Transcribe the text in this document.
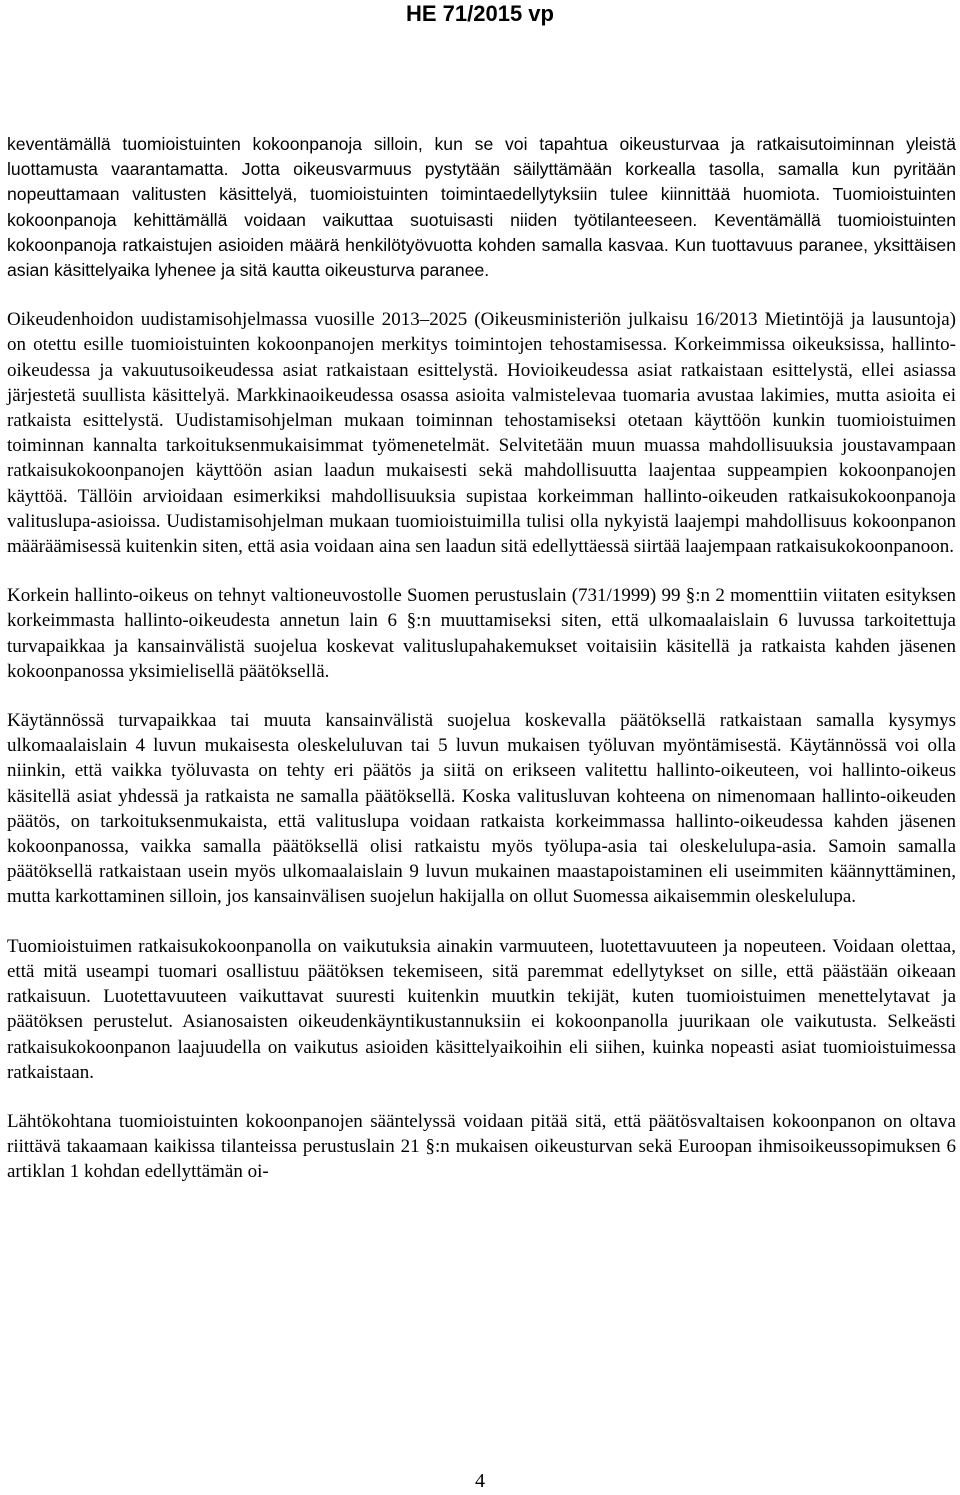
HE 71/2015 vp

keventämällä tuomioistuinten kokoonpanoja silloin, kun se voi tapahtua oikeusturvaa ja ratkaisutoiminnan yleistä luottamusta vaarantamatta. Jotta oikeusvarmuus pystytään säilyttämään korkealla tasolla, samalla kun pyritään nopeuttamaan valitusten käsittelyä, tuomioistuinten toimintaedellytyksiin tulee kiinnittää huomiota. Tuomioistuinten kokoonpanoja kehittämällä voidaan vaikuttaa suotuisasti niiden työtilanteeseen. Keventämällä tuomioistuinten kokoonpanoja ratkaistujen asioiden määrä henkilötyövuotta kohden samalla kasvaa. Kun tuottavuus paranee, yksittäisen asian käsittelyaika lyhenee ja sitä kautta oikeusturva paranee.

Oikeudenhoidon uudistamisohjelmassa vuosille 2013–2025 (Oikeusministeriön julkaisu 16/2013 Mietintöjä ja lausuntoja) on otettu esille tuomioistuinten kokoonpanojen merkitys toimintojen tehostamisessa. Korkeimmissa oikeuksissa, hallinto-oikeudessa ja vakuutusoikeudessa asiat ratkaistaan esittelystä. Hovioikeudessa asiat ratkaistaan esittelystä, ellei asiassa järjestetä suullista käsittelyä. Markkinaoikeudessa osassa asioita valmistelevaa tuomaria avustaa lakimies, mutta asioita ei ratkaista esittelystä. Uudistamisohjelman mukaan toiminnan tehostamiseksi otetaan käyttöön kunkin tuomioistuimen toiminnan kannalta tarkoituksenmukaisimmat työmenetelmät. Selvitetään muun muassa mahdollisuuksia joustavampaan ratkaisukokoonpanojen käyttöön asian laadun mukaisesti sekä mahdollisuutta laajentaa suppeampien kokoonpanojen käyttöä. Tällöin arvioidaan esimerkiksi mahdollisuuksia supistaa korkeimman hallinto-oikeuden ratkaisukokoonpanoja valituslupa-asioissa. Uudistamisohjelman mukaan tuomioistuimilla tulisi olla nykyistä laajempi mahdollisuus kokoonpanon määräämisessä kuitenkin siten, että asia voidaan aina sen laadun sitä edellyttäessä siirtää laajempaan ratkaisukokoonpanoon.

Korkein hallinto-oikeus on tehnyt valtioneuvostolle Suomen perustuslain (731/1999) 99 §:n 2 momenttiin viitaten esityksen korkeimmasta hallinto-oikeudesta annetun lain 6 §:n muuttamiseksi siten, että ulkomaalaislain 6 luvussa tarkoitettuja turvapaikkaa ja kansainvälistä suojelua koskevat valituslupahakemukset voitaisiin käsitellä ja ratkaista kahden jäsenen kokoonpanossa yksimielisellä päätöksellä.

Käytännössä turvapaikkaa tai muuta kansainvälistä suojelua koskevalla päätöksellä ratkaistaan samalla kysymys ulkomaalaislain 4 luvun mukaisesta oleskeluluvan tai 5 luvun mukaisen työluvan myöntämisestä. Käytännössä voi olla niinkin, että vaikka työluvasta on tehty eri päätös ja siitä on erikseen valitettu hallinto-oikeuteen, voi hallinto-oikeus käsitellä asiat yhdessä ja ratkaista ne samalla päätöksellä. Koska valitusluvan kohteena on nimenomaan hallinto-oikeuden päätös, on tarkoituksenmukaista, että valituslupa voidaan ratkaista korkeimmassa hallinto-oikeudessa kahden jäsenen kokoonpanossa, vaikka samalla päätöksellä olisi ratkaistu myös työlupa-asia tai oleskelulupa-asia. Samoin samalla päätöksellä ratkaistaan usein myös ulkomaalaislain 9 luvun mukainen maastapoistaminen eli useimmiten käännyttäminen, mutta karkottaminen silloin, jos kansainvälisen suojelun hakijalla on ollut Suomessa aikaisemmin oleskelulupa.

Tuomioistuimen ratkaisukokoonpanolla on vaikutuksia ainakin varmuuteen, luotettavuuteen ja nopeuteen. Voidaan olettaa, että mitä useampi tuomari osallistuu päätöksen tekemiseen, sitä paremmat edellytykset on sille, että päästään oikeaan ratkaisuun. Luotettavuuteen vaikuttavat suuresti kuitenkin muutkin tekijät, kuten tuomioistuimen menettelytavat ja päätöksen perustelut. Asianosaisten oikeudenkäyntikustannuksiin ei kokoonpanolla juurikaan ole vaikutusta. Selkeästi ratkaisukokoonpanon laajuudella on vaikutus asioiden käsittelyaikoihin eli siihen, kuinka nopeasti asiat tuomioistuimessa ratkaistaan.

Lähtökohtana tuomioistuinten kokoonpanojen sääntelyssä voidaan pitää sitä, että päätösvaltaisen kokoonpanon on oltava riittävä takaamaan kaikissa tilanteissa perustuslain 21 §:n mukaisen oikeusturvan sekä Euroopan ihmisoikeussopimuksen 6 artiklan 1 kohdan edellyttämän oi-

4
